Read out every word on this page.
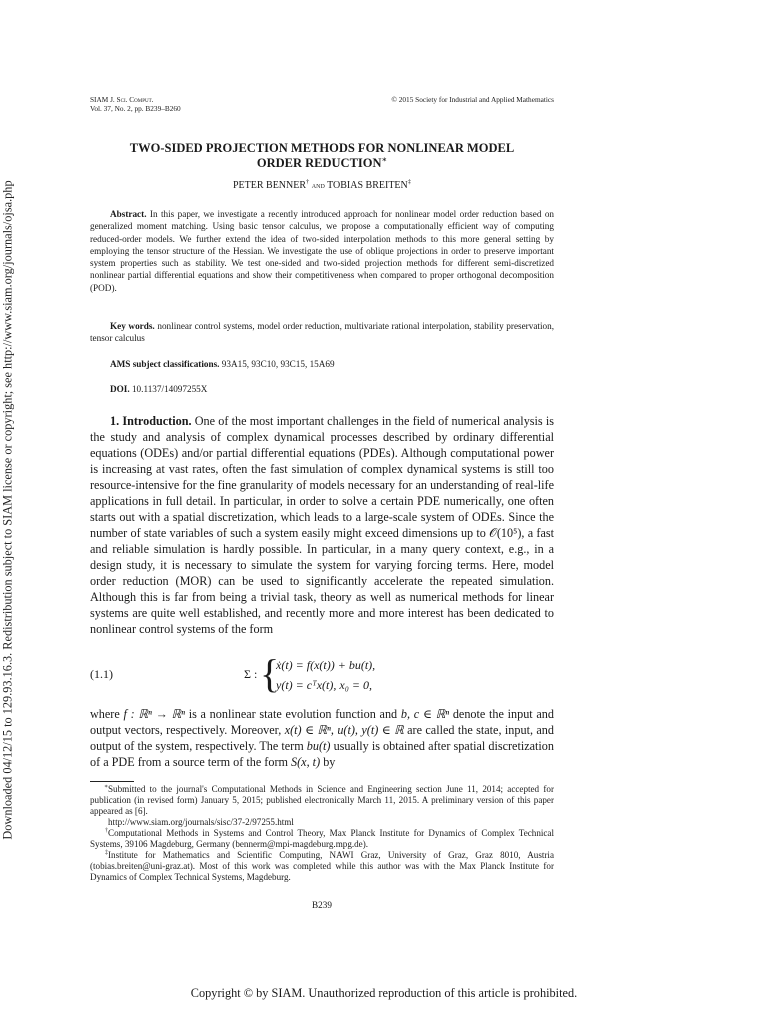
Downloaded 04/12/15 to 129.93.16.3. Redistribution subject to SIAM license or copyright; see http://www.siam.org/journals/ojsa.php
SIAM J. Sci. Comput.
Vol. 37, No. 2, pp. B239–B260
© 2015 Society for Industrial and Applied Mathematics
TWO-SIDED PROJECTION METHODS FOR NONLINEAR MODEL
ORDER REDUCTION∗
PETER BENNER† and TOBIAS BREITEN‡
Abstract. In this paper, we investigate a recently introduced approach for nonlinear model order reduction based on generalized moment matching. Using basic tensor calculus, we propose a computationally efficient way of computing reduced-order models. We further extend the idea of two-sided interpolation methods to this more general setting by employing the tensor structure of the Hessian. We investigate the use of oblique projections in order to preserve important system properties such as stability. We test one-sided and two-sided projection methods for different semi-discretized nonlinear partial differential equations and show their competitiveness when compared to proper orthogonal decomposition (POD).
Key words. nonlinear control systems, model order reduction, multivariate rational interpolation, stability preservation, tensor calculus
AMS subject classifications. 93A15, 93C10, 93C15, 15A69
DOI. 10.1137/14097255X
1. Introduction. One of the most important challenges in the field of numerical analysis is the study and analysis of complex dynamical processes described by ordinary differential equations (ODEs) and/or partial differential equations (PDEs). Although computational power is increasing at vast rates, often the fast simulation of complex dynamical systems is still too resource-intensive for the fine granularity of models necessary for an understanding of real-life applications in full detail. In particular, in order to solve a certain PDE numerically, one often starts out with a spatial discretization, which leads to a large-scale system of ODEs. Since the number of state variables of such a system easily might exceed dimensions up to 𝒪(10⁵), a fast and reliable simulation is hardly possible. In particular, in a many query context, e.g., in a design study, it is necessary to simulate the system for varying forcing terms. Here, model order reduction (MOR) can be used to significantly accelerate the repeated simulation. Although this is far from being a trivial task, theory as well as numerical methods for linear systems are quite well established, and recently more and more interest has been dedicated to nonlinear control systems of the form
(1.1)	Σ : {
ẋ(t) = f(x(t)) + bu(t),
y(t) = cᵀx(t), x₀ = 0,
where f : ℝⁿ → ℝⁿ is a nonlinear state evolution function and b, c ∈ ℝⁿ denote the input and output vectors, respectively. Moreover, x(t) ∈ ℝⁿ, u(t), y(t) ∈ ℝ are called the state, input, and output of the system, respectively. The term bu(t) usually is obtained after spatial discretization of a PDE from a source term of the form S(x, t) by
∗Submitted to the journal's Computational Methods in Science and Engineering section June 11, 2014; accepted for publication (in revised form) January 5, 2015; published electronically March 11, 2015. A preliminary version of this paper appeared as [6].
http://www.siam.org/journals/sisc/37-2/97255.html
†Computational Methods in Systems and Control Theory, Max Planck Institute for Dynamics of Complex Technical Systems, 39106 Magdeburg, Germany (bennerm@mpi-magdeburg.mpg.de).
‡Institute for Mathematics and Scientific Computing, NAWI Graz, University of Graz, Graz 8010, Austria (tobias.breiten@uni-graz.at). Most of this work was completed while this author was with the Max Planck Institute for Dynamics of Complex Technical Systems, Magdeburg.
B239
Copyright © by SIAM. Unauthorized reproduction of this article is prohibited.
